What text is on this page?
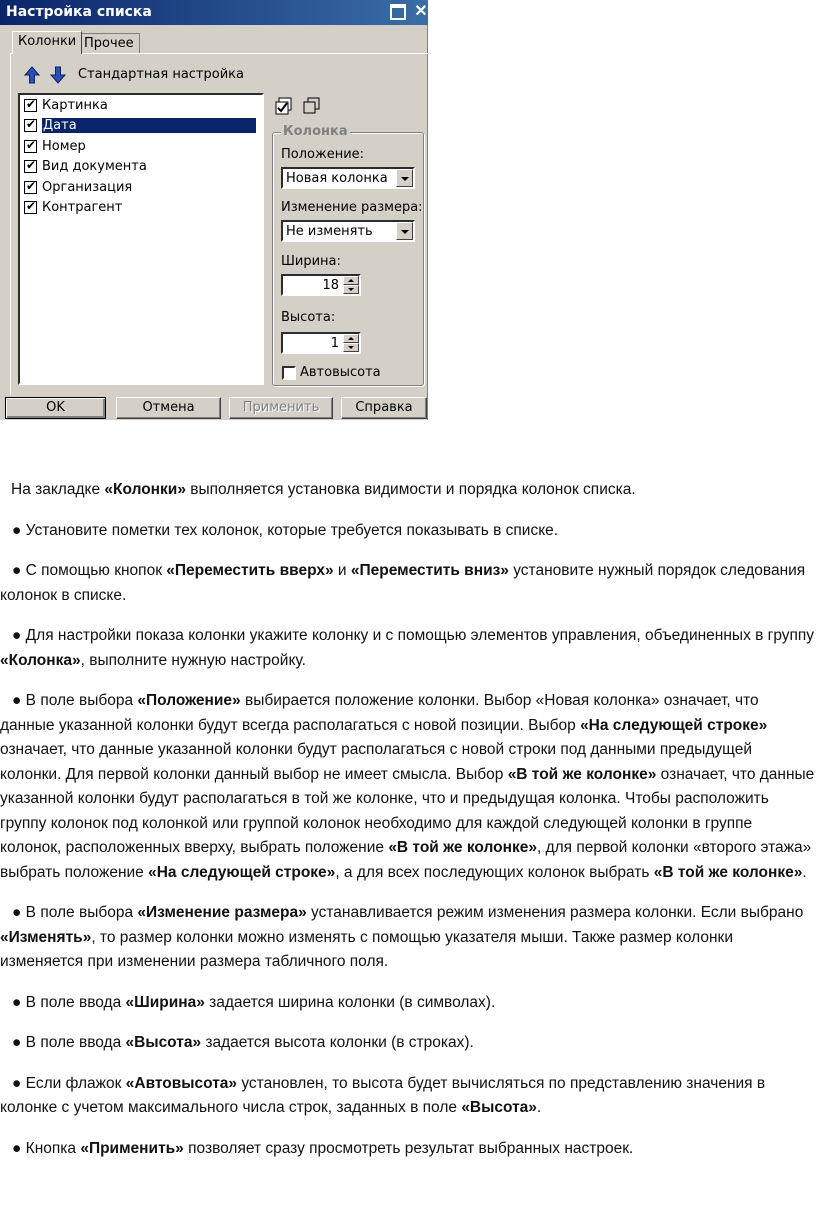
Настройка списка	✕
Колонки Прочее
Стандартная настройка
✔
Картинка
✔
Дата
✔
Номер
✔
Вид документа
✔
Организация
✔
Контрагент
Колонка
Положение:
Новая колонка
Изменение размера:
Не изменять
Ширина:
18
Высота:
1
Автовысота
OK	Отмена	Применить	Справка

На закладке «Колонки» выполняется установка видимости и порядка колонок списка.

● Установите пометки тех колонок, которые требуется показывать в списке.

● С помощью кнопок «Переместить вверх» и «Переместить вниз» установите нужный порядок следования колонок в списке.

● Для настройки показа колонки укажите колонку и с помощью элементов управления, объединенных в группу «Колонка», выполните нужную настройку.

● В поле выбора «Положение» выбирается положение колонки. Выбор «Новая колонка» означает, что данные указанной колонки будут всегда располагаться с новой позиции. Выбор «На следующей строке» означает, что данные указанной колонки будут располагаться с новой строки под данными предыдущей колонки. Для первой колонки данный выбор не имеет смысла. Выбор «В той же колонке» означает, что данные указанной колонки будут располагаться в той же колонке, что и предыдущая колонка. Чтобы расположить группу колонок под колонкой или группой колонок необходимо для каждой следующей колонки в группе колонок, расположенных вверху, выбрать положение «В той же колонке», для первой колонки «второго этажа» выбрать положение «На следующей строке», а для всех последующих колонок выбрать «В той же колонке».

● В поле выбора «Изменение размера» устанавливается режим изменения размера колонки. Если выбрано «Изменять», то размер колонки можно изменять с помощью указателя мыши. Также размер колонки изменяется при изменении размера табличного поля.

● В поле ввода «Ширина» задается ширина колонки (в символах).

● В поле ввода «Высота» задается высота колонки (в строках).

● Если флажок «Автовысота» установлен, то высота будет вычисляться по представлению значения в колонке с учетом максимального числа строк, заданных в поле «Высота».

● Кнопка «Применить» позволяет сразу просмотреть результат выбранных настроек.
